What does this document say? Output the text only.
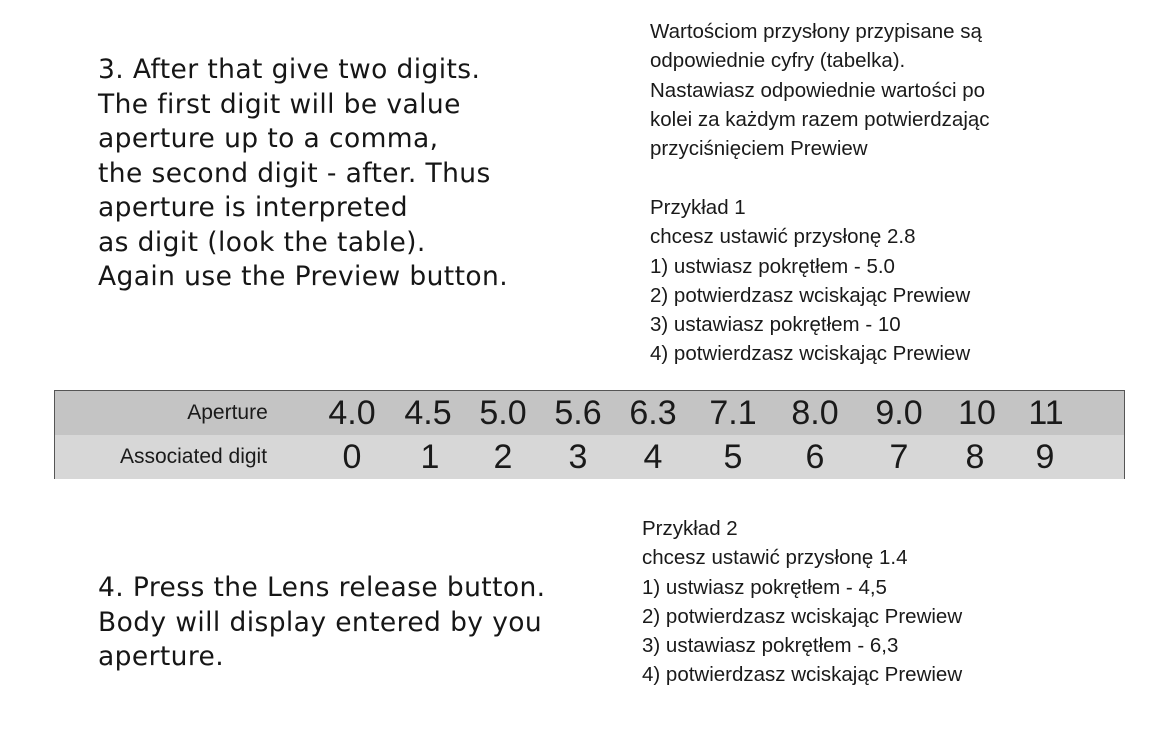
3. After that give two digits.
The first digit will be value
aperture up to a comma,
the second digit - after. Thus
aperture is interpreted
as digit (look the table).
Again use the Preview button.
Wartościom przysłony przypisane są
odpowiednie cyfry (tabelka).
Nastawiasz odpowiednie wartości po
kolei za każdym razem potwierdzając
przyciśnięciem Prewiew
Przykład 1
chcesz ustawić przysłonę 2.8
1) ustwiasz pokrętłem - 5.0
2) potwierdzasz wciskając Prewiew
3) ustawiasz pokrętłem - 10
4) potwierdzasz wciskając Prewiew
Aperture	4.0 4.5 5.0 5.6 6.3 7.1 8.0 9.0	10 11
Associated digit	0	1	2	3	4	5	6	7	8	9
4. Press the Lens release button.
Body will display entered by you
aperture.
Przykład 2
chcesz ustawić przysłonę 1.4
1) ustwiasz pokrętłem - 4,5
2) potwierdzasz wciskając Prewiew
3) ustawiasz pokrętłem - 6,3
4) potwierdzasz wciskając Prewiew
